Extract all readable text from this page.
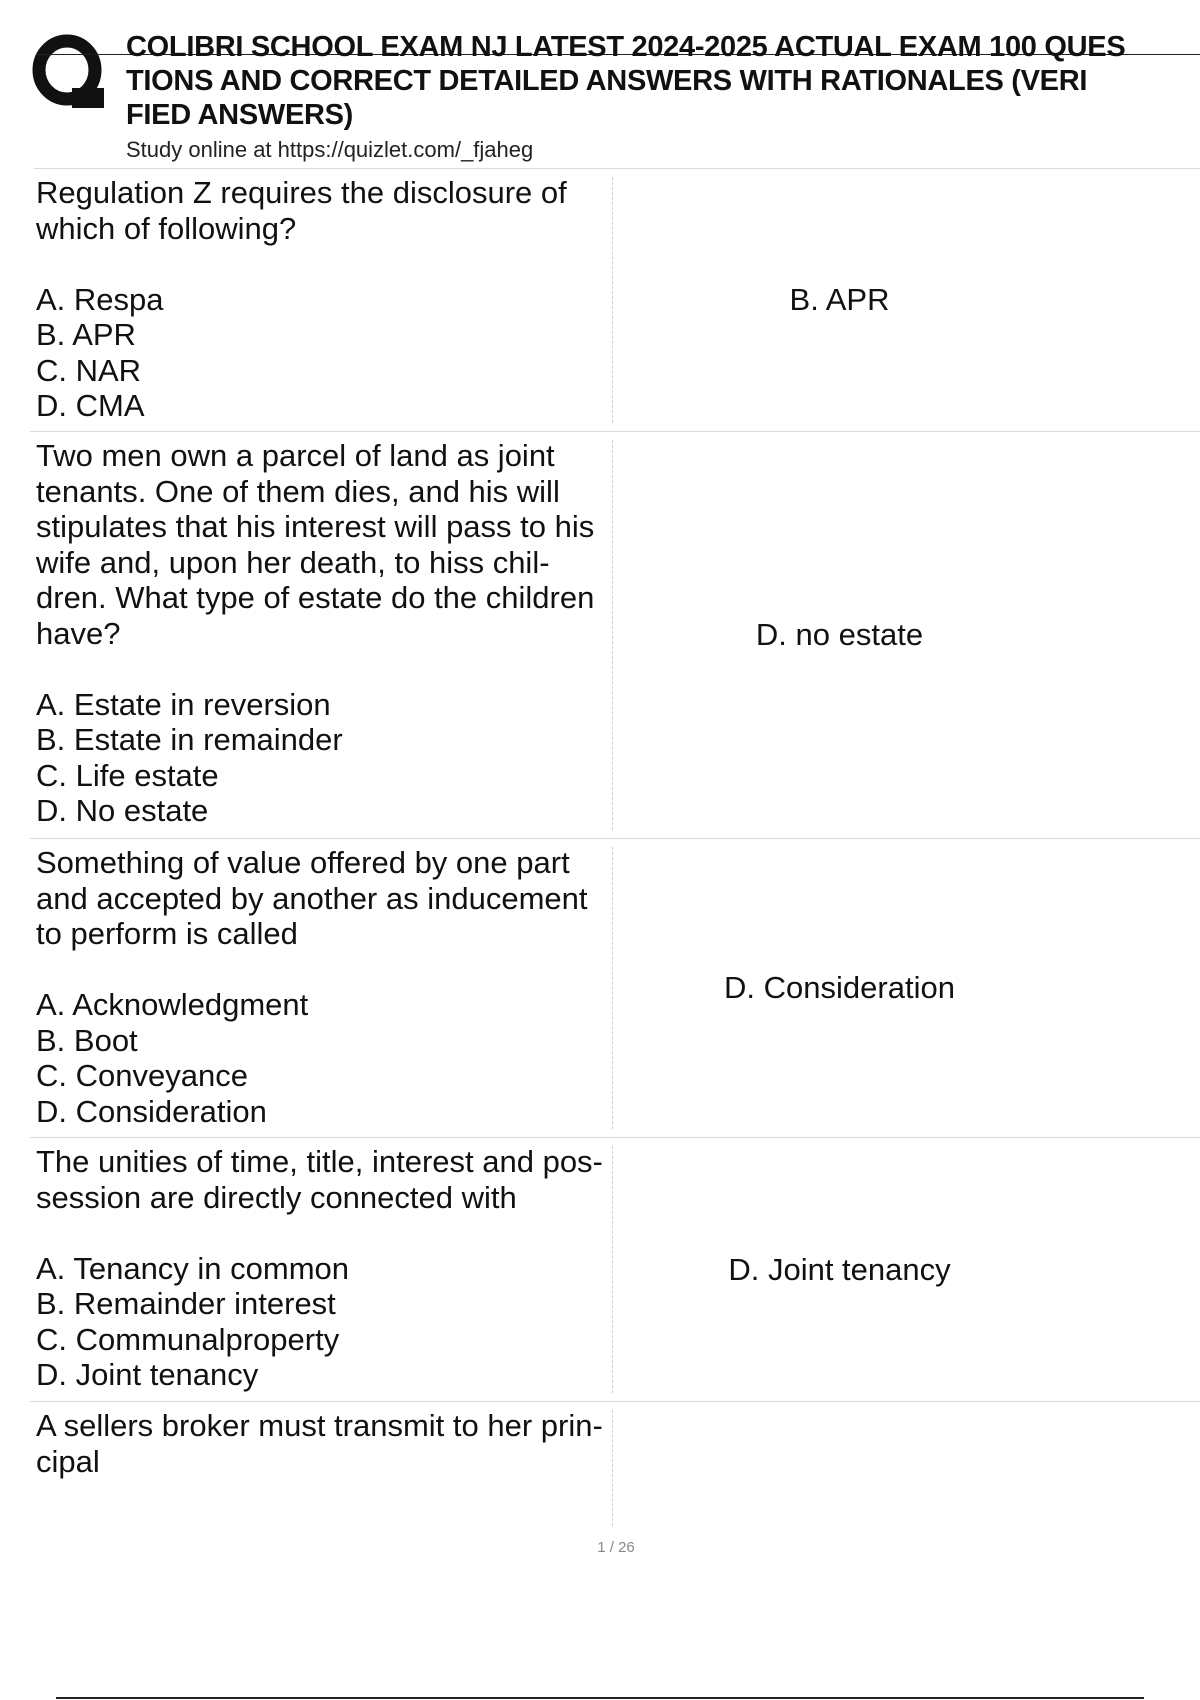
COLIBRI SCHOOL EXAM NJ LATEST 2024-2025 ACTUAL EXAM 100 QUES
TIONS AND CORRECT DETAILED ANSWERS WITH RATIONALES (VERI
FIED ANSWERS)
Study online at https://quizlet.com/_fjaheg
Regulation Z requires the disclosure of
which of following?

A. Respa
B. APR
C. NAR
D. CMA
B. APR
Two men own a parcel of land as joint
tenants. One of them dies, and his will
stipulates that his interest will pass to his
wife and, upon her death, to hiss chil-
dren. What type of estate do the children
have?

A. Estate in reversion
B. Estate in remainder
C. Life estate
D. No estate
D. no estate
Something of value offered by one part
and accepted by another as inducement
to perform is called

A. Acknowledgment
B. Boot
C. Conveyance
D. Consideration
D. Consideration
The unities of time, title, interest and pos-
session are directly connected with

A. Tenancy in common
B. Remainder interest
C. Communalproperty
D. Joint tenancy
D. Joint tenancy
A sellers broker must transmit to her prin-
cipal

1 / 26
